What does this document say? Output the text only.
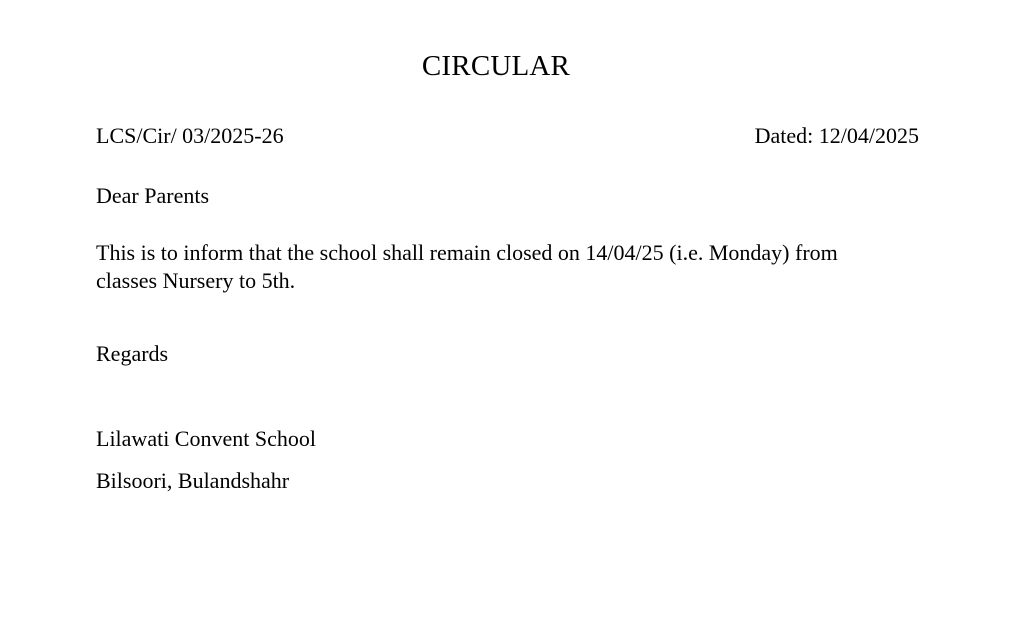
CIRCULAR
LCS/Cir/ 03/2025-26	Dated: 12/04/2025
Dear Parents
This is to inform that the school shall remain closed on 14/04/25 (i.e. Monday) from
classes Nursery to 5th.
Regards
Lilawati Convent School
Bilsoori, Bulandshahr
